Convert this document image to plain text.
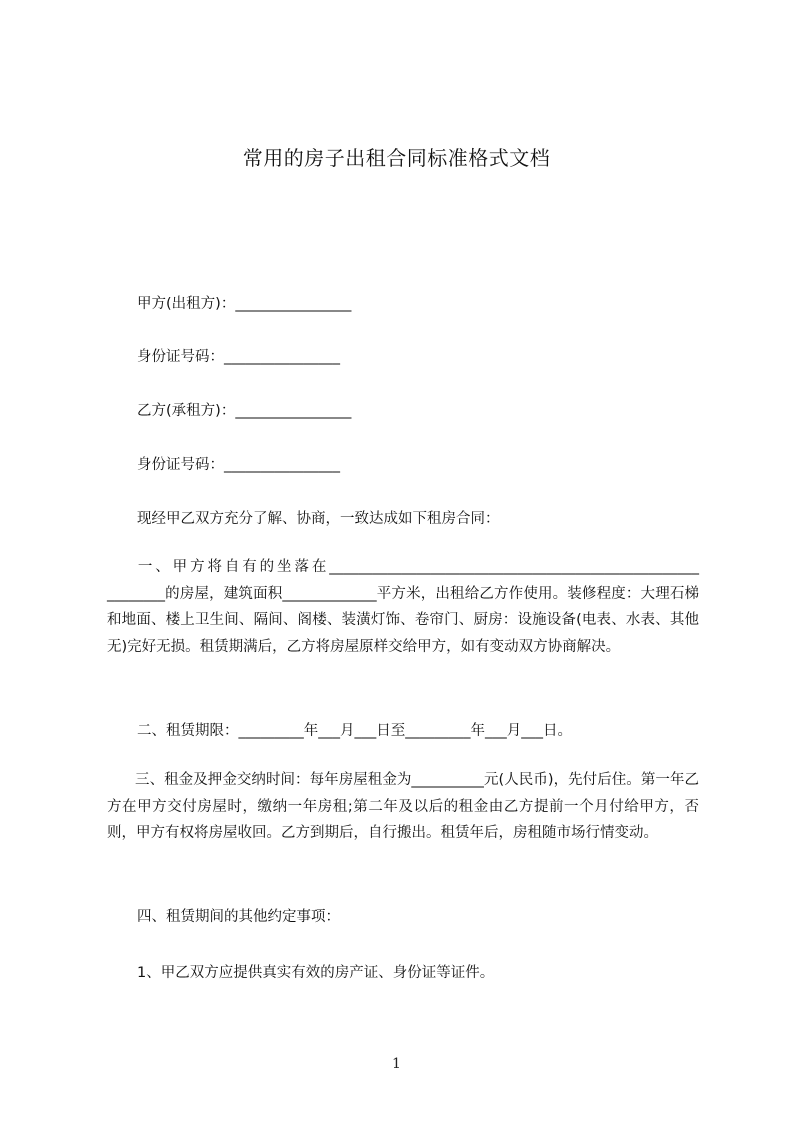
常用的房子出租合同标准格式文档
甲方(出租方)：________________
身份证号码：________________
乙方(承租方)：________________
身份证号码：________________
现经甲乙双方充分了解、协商，一致达成如下租房合同：
一、甲方将自有的坐落在___________________________________________________ ________的房屋，建筑面积_____________平方米，出租给乙方作使用。装修程度：大理石梯和地面、楼上卫生间、隔间、阁楼、装潢灯饰、卷帘门、厨房：设施设备(电表、水表、其他无)完好无损。租赁期满后，乙方将房屋原样交给甲方，如有变动双方协商解决。
二、租赁期限：_________年___月___日至_________年___月___日。
三、租金及押金交纳时间：每年房屋租金为__________元(人民币)，先付后住。第一年乙方在甲方交付房屋时，缴纳一年房租;第二年及以后的租金由乙方提前一个月付给甲方，否则，甲方有权将房屋收回。乙方到期后，自行搬出。租赁年后，房租随市场行情变动。
四、租赁期间的其他约定事项：
1、甲乙双方应提供真实有效的房产证、身份证等证件。
1
